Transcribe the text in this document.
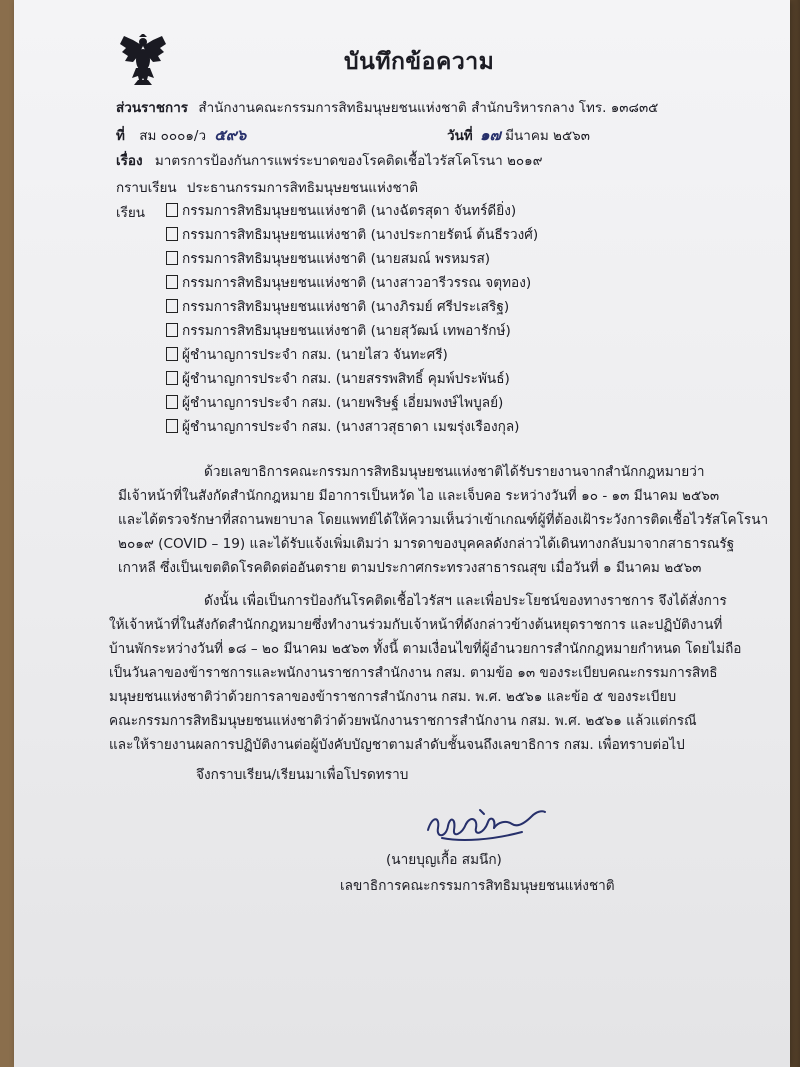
บันทึกข้อความ
ส่วนราชการ สำนักงานคณะกรรมการสิทธิมนุษยชนแห่งชาติ สำนักบริหารกลาง โทร. ๑๓๘๓๕
ที่ สม ๐๐๐๑/ว ๕๙๖	วันที่ ๑๗ มีนาคม ๒๕๖๓
เรื่อง มาตรการป้องกันการแพร่ระบาดของโรคติดเชื้อไวรัสโคโรนา ๒๐๑๙
กราบเรียน ประธานกรรมการสิทธิมนุษยชนแห่งชาติ
เรียน	กรรมการสิทธิมนุษยชนแห่งชาติ (นางฉัตรสุดา จันทร์ดียิ่ง)
กรรมการสิทธิมนุษยชนแห่งชาติ (นางประกายรัตน์ ต้นธีรวงศ์)
กรรมการสิทธิมนุษยชนแห่งชาติ (นายสมณ์ พรหมรส)
กรรมการสิทธิมนุษยชนแห่งชาติ (นางสาวอารีวรรณ จตุทอง)
กรรมการสิทธิมนุษยชนแห่งชาติ (นางภิรมย์ ศรีประเสริฐ)
กรรมการสิทธิมนุษยชนแห่งชาติ (นายสุวัฒน์ เทพอารักษ์)
ผู้ชำนาญการประจำ กสม. (นายไสว จันทะศรี)
ผู้ชำนาญการประจำ กสม. (นายสรรพสิทธิ์ คุมพ์ประพันธ์)
ผู้ชำนาญการประจำ กสม. (นายพริษฐ์ เอี่ยมพงษ์ไพบูลย์)
ผู้ชำนาญการประจำ กสม. (นางสาวสุธาดา เมฆรุ่งเรืองกุล)
ด้วยเลขาธิการคณะกรรมการสิทธิมนุษยชนแห่งชาติได้รับรายงานจากสำนักกฎหมายว่า
มีเจ้าหน้าที่ในสังกัดสำนักกฎหมาย มีอาการเป็นหวัด ไอ และเจ็บคอ ระหว่างวันที่ ๑๐ - ๑๓ มีนาคม ๒๕๖๓
และได้ตรวจรักษาที่สถานพยาบาล โดยแพทย์ได้ให้ความเห็นว่าเข้าเกณฑ์ผู้ที่ต้องเฝ้าระวังการติดเชื้อไวรัสโคโรนา
๒๐๑๙ (COVID – 19) และได้รับแจ้งเพิ่มเติมว่า มารดาของบุคคลดังกล่าวได้เดินทางกลับมาจากสาธารณรัฐ
เกาหลี ซึ่งเป็นเขตติดโรคติดต่ออันตราย ตามประกาศกระทรวงสาธารณสุข เมื่อวันที่ ๑ มีนาคม ๒๕๖๓
ดังนั้น เพื่อเป็นการป้องกันโรคติดเชื้อไวรัสฯ และเพื่อประโยชน์ของทางราชการ จึงได้สั่งการ
ให้เจ้าหน้าที่ในสังกัดสำนักกฎหมายซึ่งทำงานร่วมกับเจ้าหน้าที่ดังกล่าวข้างต้นหยุดราชการ และปฏิบัติงานที่
บ้านพักระหว่างวันที่ ๑๘ – ๒๐ มีนาคม ๒๕๖๓ ทั้งนี้ ตามเงื่อนไขที่ผู้อำนวยการสำนักกฎหมายกำหนด โดยไม่ถือ
เป็นวันลาของข้าราชการและพนักงานราชการสำนักงาน กสม. ตามข้อ ๑๓ ของระเบียบคณะกรรมการสิทธิ
มนุษยชนแห่งชาติว่าด้วยการลาของข้าราชการสำนักงาน กสม. พ.ศ. ๒๕๖๑ และข้อ ๕ ของระเบียบ
คณะกรรมการสิทธิมนุษยชนแห่งชาติว่าด้วยพนักงานราชการสำนักงาน กสม. พ.ศ. ๒๕๖๑ แล้วแต่กรณี
และให้รายงานผลการปฏิบัติงานต่อผู้บังคับบัญชาตามลำดับชั้นจนถึงเลขาธิการ กสม. เพื่อทราบต่อไป
จึงกราบเรียน/เรียนมาเพื่อโปรดทราบ
(นายบุญเกื้อ สมนึก)
เลขาธิการคณะกรรมการสิทธิมนุษยชนแห่งชาติ
